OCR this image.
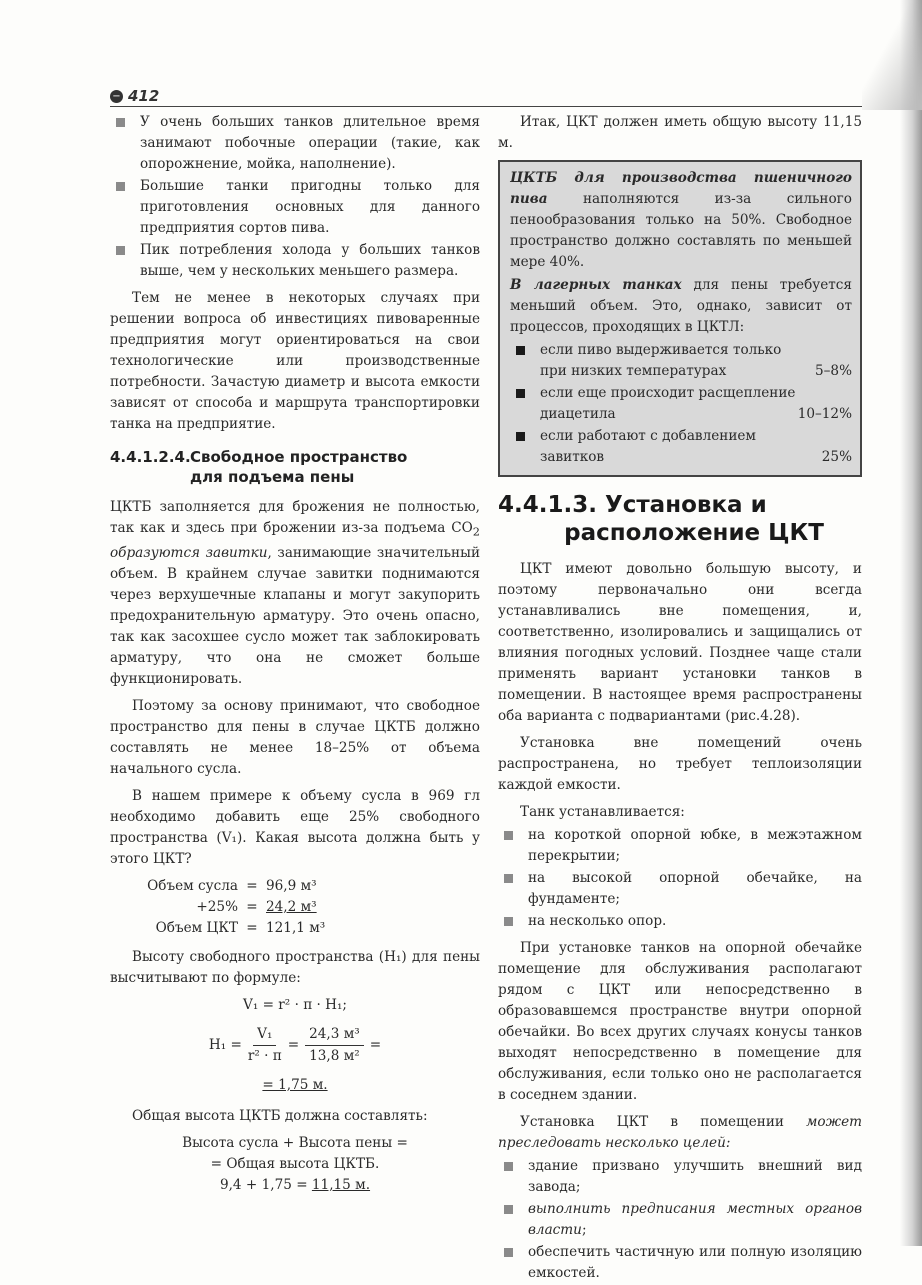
− 412
У очень больших танков длительное время занимают побочные операции (такие, как опорожнение, мойка, наполнение).
Большие танки пригодны только для приготовления основных для данного предприятия сортов пива.
Пик потребления холода у больших танков выше, чем у нескольких меньшего размера.

Тем не менее в некоторых случаях при решении вопроса об инвестициях пивоваренные предприятия могут ориентироваться на свои технологические или производственные потребности. Зачастую диаметр и высота емкости зависят от способа и маршрута транспортировки танка на предприятие.

4.4.1.2.4.Свободное пространство
для подъема пены

ЦКТБ заполняется для брожения не полностью, так как и здесь при брожении из-за подъема $CO_2$ образуются завитки, занимающие значительный объем. В крайнем случае завитки поднимаются через верхушечные клапаны и могут закупорить предохранительную арматуру. Это очень опасно, так как засохшее сусло может так заблокировать арматуру, что она не сможет больше функционировать.

Поэтому за основу принимают, что свободное пространство для пены в случае ЦКТБ должно составлять не менее 18–25% от объема начального сусла.

В нашем примере к объему сусла в 969 гл необходимо добавить еще 25% свободного пространства (V₁). Какая высота должна быть у этого ЦКТ?

Объем сусла = 96,9 м³
+25% = 24,2 м³
Объем ЦКТ = 121,1 м³

Высоту свободного пространства (H₁) для пены высчитывают по формуле:

V₁ = r² · π · H₁;
$H_1 = \frac{\text{V₁}}{\text{r² · π}} = \frac{\text{24,3 м³}}{\text{13,8 м²}}$ =
= 1,75 м.

Общая высота ЦКТБ должна составлять:

Высота сусла + Высота пены =
= Общая высота ЦКТБ.
9,4 + 1,75 = 11,15 м.

Итак, ЦКТ должен иметь общую высоту 11,15 м.

ЦКТБ для производства пшеничного пива наполняются из-за сильного пенообразования только на 50%. Свободное пространство должно составлять по меньшей мере 40%.

В лагерных танках для пены требуется меньший объем. Это, однако, зависит от процессов, проходящих в ЦКТЛ:

если пиво выдерживается только
при низких температурах	5–8%
если еще происходит расщепление
диацетила	10–12%
если работают с добавлением
завитков	25%
4.4.1.3. Установка и
расположение ЦКТ

ЦКТ имеют довольно большую высоту, и поэтому первоначально они всегда устанавливались вне помещения, и, соответственно, изолировались и защищались от влияния погодных условий. Позднее чаще стали применять вариант установки танков в помещении. В настоящее время распространены оба варианта с подвариантами (рис.4.28).

Установка вне помещений очень распространена, но требует теплоизоляции каждой емкости.

Танк устанавливается:

на короткой опорной юбке, в межэтажном перекрытии;
на высокой опорной обечайке, на фундаменте;
на несколько опор.

При установке танков на опорной обечайке помещение для обслуживания располагают рядом с ЦКТ или непосредственно в образовавшемся пространстве внутри опорной обечайки. Во всех других случаях конусы танков выходят непосредственно в помещение для обслуживания, если только оно не располагается в соседнем здании.

Установка ЦКТ в помещении может преследовать несколько целей:

здание призвано улучшить внешний вид завода;
выполнить предписания местных органов власти;
обеспечить частичную или полную изоляцию емкостей.
